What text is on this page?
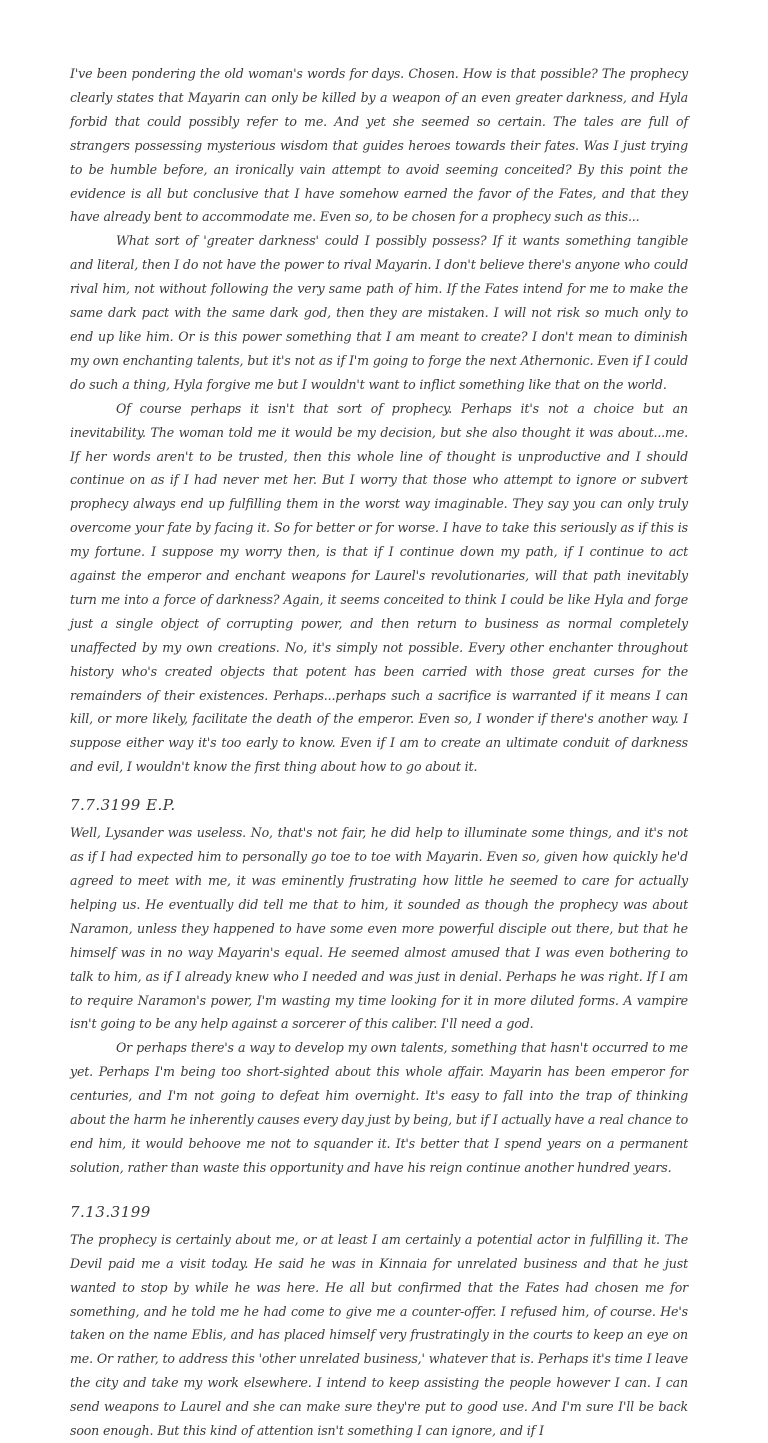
I've been pondering the old woman's words for days. Chosen. How is that possible? The prophecy clearly states that Mayarin can only be killed by a weapon of an even greater darkness, and Hyla forbid that could possibly refer to me. And yet she seemed so certain. The tales are full of strangers possessing mysterious wisdom that guides heroes towards their fates. Was I just trying to be humble before, an ironically vain attempt to avoid seeming conceited? By this point the evidence is all but conclusive that I have somehow earned the favor of the Fates, and that they have already bent to accommodate me. Even so, to be chosen for a prophecy such as this...

What sort of 'greater darkness' could I possibly possess? If it wants something tangible and literal, then I do not have the power to rival Mayarin. I don't believe there's anyone who could rival him, not without following the very same path of him. If the Fates intend for me to make the same dark pact with the same dark god, then they are mistaken. I will not risk so much only to end up like him. Or is this power something that I am meant to create? I don't mean to diminish my own enchanting talents, but it's not as if I'm going to forge the next Athernonic. Even if I could do such a thing, Hyla forgive me but I wouldn't want to inflict something like that on the world.

Of course perhaps it isn't that sort of prophecy. Perhaps it's not a choice but an inevitability. The woman told me it would be my decision, but she also thought it was about...me. If her words aren't to be trusted, then this whole line of thought is unproductive and I should continue on as if I had never met her. But I worry that those who attempt to ignore or subvert prophecy always end up fulfilling them in the worst way imaginable. They say you can only truly overcome your fate by facing it. So for better or for worse. I have to take this seriously as if this is my fortune. I suppose my worry then, is that if I continue down my path, if I continue to act against the emperor and enchant weapons for Laurel's revolutionaries, will that path inevitably turn me into a force of darkness? Again, it seems conceited to think I could be like Hyla and forge just a single object of corrupting power, and then return to business as normal completely unaffected by my own creations. No, it's simply not possible. Every other enchanter throughout history who's created objects that potent has been carried with those great curses for the remainders of their existences. Perhaps...perhaps such a sacrifice is warranted if it means I can kill, or more likely, facilitate the death of the emperor. Even so, I wonder if there's another way. I suppose either way it's too early to know. Even if I am to create an ultimate conduit of darkness and evil, I wouldn't know the first thing about how to go about it.

7.7.3199 E.P.

Well, Lysander was useless. No, that's not fair, he did help to illuminate some things, and it's not as if I had expected him to personally go toe to toe with Mayarin. Even so, given how quickly he'd agreed to meet with me, it was eminently frustrating how little he seemed to care for actually helping us. He eventually did tell me that to him, it sounded as though the prophecy was about Naramon, unless they happened to have some even more powerful disciple out there, but that he himself was in no way Mayarin's equal. He seemed almost amused that I was even bothering to talk to him, as if I already knew who I needed and was just in denial. Perhaps he was right. If I am to require Naramon's power, I'm wasting my time looking for it in more diluted forms. A vampire isn't going to be any help against a sorcerer of this caliber. I'll need a god.

Or perhaps there's a way to develop my own talents, something that hasn't occurred to me yet. Perhaps I'm being too short-sighted about this whole affair. Mayarin has been emperor for centuries, and I'm not going to defeat him overnight. It's easy to fall into the trap of thinking about the harm he inherently causes every day just by being, but if I actually have a real chance to end him, it would behoove me not to squander it. It's better that I spend years on a permanent solution, rather than waste this opportunity and have his reign continue another hundred years.

7.13.3199

The prophecy is certainly about me, or at least I am certainly a potential actor in fulfilling it. The Devil paid me a visit today. He said he was in Kinnaia for unrelated business and that he just wanted to stop by while he was here. He all but confirmed that the Fates had chosen me for something, and he told me he had come to give me a counter-offer. I refused him, of course. He's taken on the name Eblis, and has placed himself very frustratingly in the courts to keep an eye on me. Or rather, to address this 'other unrelated business,' whatever that is. Perhaps it's time I leave the city and take my work elsewhere. I intend to keep assisting the people however I can. I can send weapons to Laurel and she can make sure they're put to good use. And I'm sure I'll be back soon enough. But this kind of attention isn't something I can ignore, and if I
